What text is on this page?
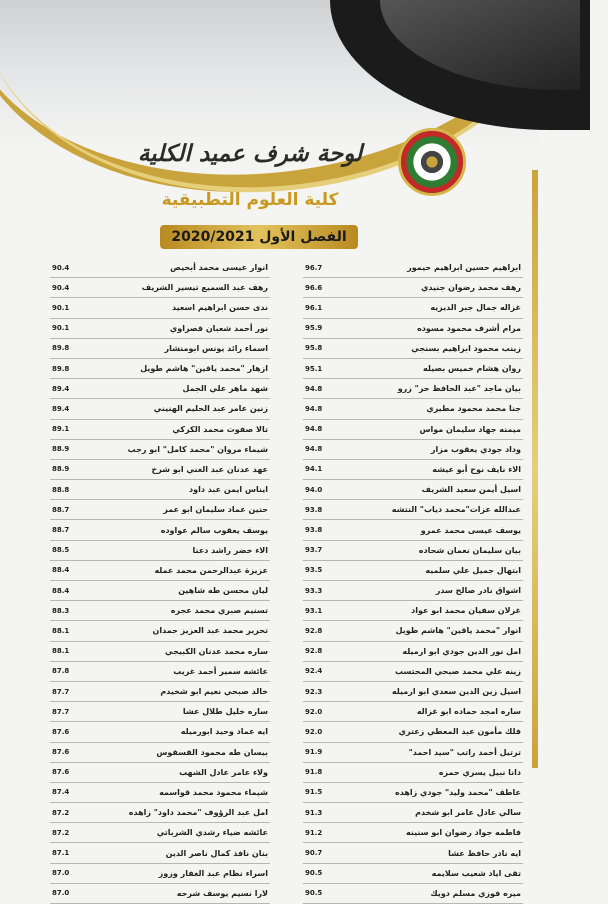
لوحة شرف عميد الكلية
كلية العلوم التطبيقية
الفصل الأول 2020/2021
96.7	ابراهيم حسين ابراهيم حيمور
96.6	رهف محمد رضوان جنيدي
96.1	غزاله جمال جبر الديريه
95.9	مرام أشرف محمود مسوده
95.8	زينب محمود ابراهيم بسنجي
95.1	روان هشام خميس بصيله
94.8	بيان ماجد "عبد الحافظ حر" زرو
94.8	جنا محمد محمود مطيري
94.8	ميمنه جهاد سليمان مواس
94.8	وداد جودي يعقوب مزار
94.1	الاء نايف نوح أبو عيشه
94.0	اسيل أيمن سعيد الشريف
93.8	عبدالله عزات"محمد دياب" النتشه
93.8	يوسف عيسى محمد عمرو
93.7	بيان سليمان نعمان شحاده
93.5	ابتهال جميل علي سلميه
93.3	اشواق نادر صالح سدر
93.1	غزلان سفيان محمد ابو عواد
92.8	انوار "محمد ياقين" هاشم طويل
92.8	امل نور الدين جودي ابو ارميله
92.4	زينه علي محمد صبحي المحتسب
92.3	اسيل زين الدين سعدي ابو ارميله
92.0	ساره امجد حماده ابو غزاله
92.0	فلك مأمون عبد المعطي زعتري
91.9	ترتيل أحمد راتب "سيد احمد"
91.8	دانا نبيل يسري حمزه
91.5	عاطف "محمد وليد" جودي زاهده
91.3	سالي عادل عامر ابو شخدم
91.2	فاطمه جواد رضوان ابو سنينه
90.7	ايه نادر حافظ عشا
90.5	تقى اياد شعيب سلايمه
90.5	ميره فوزي مسلم دويك
90.4	انوار عيسى محمد أبحيص
90.4	رهف عبد السميع تيسير الشريف
90.1	ندى حسن ابراهيم اسعيد
90.1	نور أحمد شعبان قصراوي
89.8	اسماء رائد يونس ابومنشار
89.8	ازهار "محمد ياقين" هاشم طويل
89.4	شهد ماهر علي الجمل
89.4	زنين عامر عبد الحليم الهنيني
89.1	تالا صفوت محمد الكركي
88.9	شيماء مروان "محمد كامل" ابو رجب
88.9	عهد عدنان عبد الغني ابو شرخ
88.8	ايناس ايمن عبد داود
88.7	حنين عماد سليمان ابو عمر
88.7	يوسف يعقوب سالم عواوده
88.5	الاء خضر راشد دعنا
88.4	عزيزة عبدالرحمن محمد عمله
88.4	ليان محسن طه شاهين
88.3	تسنيم صبري محمد عجره
88.1	تحرير محمد عبد العزيز حمدان
88.1	ساره محمد عدنان الكبيجي
87.8	عائشه سمير أحمد غريب
87.7	خالد صبحي نعيم ابو شخيدم
87.7	ساره خليل طلال عشا
87.6	ايه عماد وحيد ابورميله
87.6	بيسان طه محمود القسقوس
87.6	ولاء عامر عادل الشهب
87.4	شيماء محمود محمد قواسمه
87.2	امل عبد الرؤوف "محمد داود" زاهده
87.2	عائشه ضياء رشدي الشرباتي
87.1	بنان نافذ كمال ناصر الدين
87.0	اسراء نظام عبد الغفار وزوز
87.0	لارا نسيم يوسف شرحه
